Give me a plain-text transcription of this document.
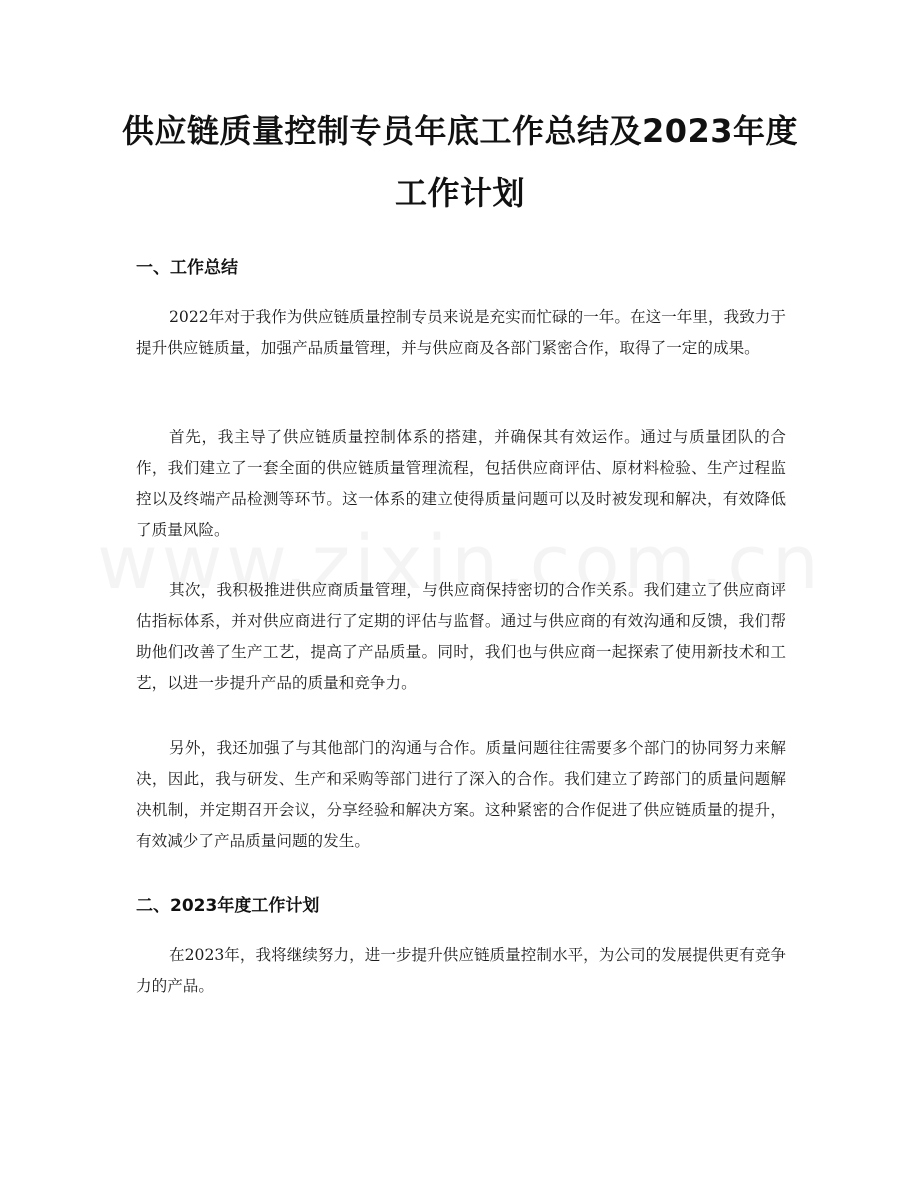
供应链质量控制专员年底工作总结及2023年度工作计划
一、工作总结

2022年对于我作为供应链质量控制专员来说是充实而忙碌的一年。在这一年里，我致力于提升供应链质量，加强产品质量管理，并与供应商及各部门紧密合作，取得了一定的成果。

首先，我主导了供应链质量控制体系的搭建，并确保其有效运作。通过与质量团队的合作，我们建立了一套全面的供应链质量管理流程，包括供应商评估、原材料检验、生产过程监控以及终端产品检测等环节。这一体系的建立使得质量问题可以及时被发现和解决，有效降低了质量风险。

其次，我积极推进供应商质量管理，与供应商保持密切的合作关系。我们建立了供应商评估指标体系，并对供应商进行了定期的评估与监督。通过与供应商的有效沟通和反馈，我们帮助他们改善了生产工艺，提高了产品质量。同时，我们也与供应商一起探索了使用新技术和工艺，以进一步提升产品的质量和竞争力。

另外，我还加强了与其他部门的沟通与合作。质量问题往往需要多个部门的协同努力来解决，因此，我与研发、生产和采购等部门进行了深入的合作。我们建立了跨部门的质量问题解决机制，并定期召开会议，分享经验和解决方案。这种紧密的合作促进了供应链质量的提升，有效减少了产品质量问题的发生。

二、2023年度工作计划

在2023年，我将继续努力，进一步提升供应链质量控制水平，为公司的发展提供更有竞争力的产品。
